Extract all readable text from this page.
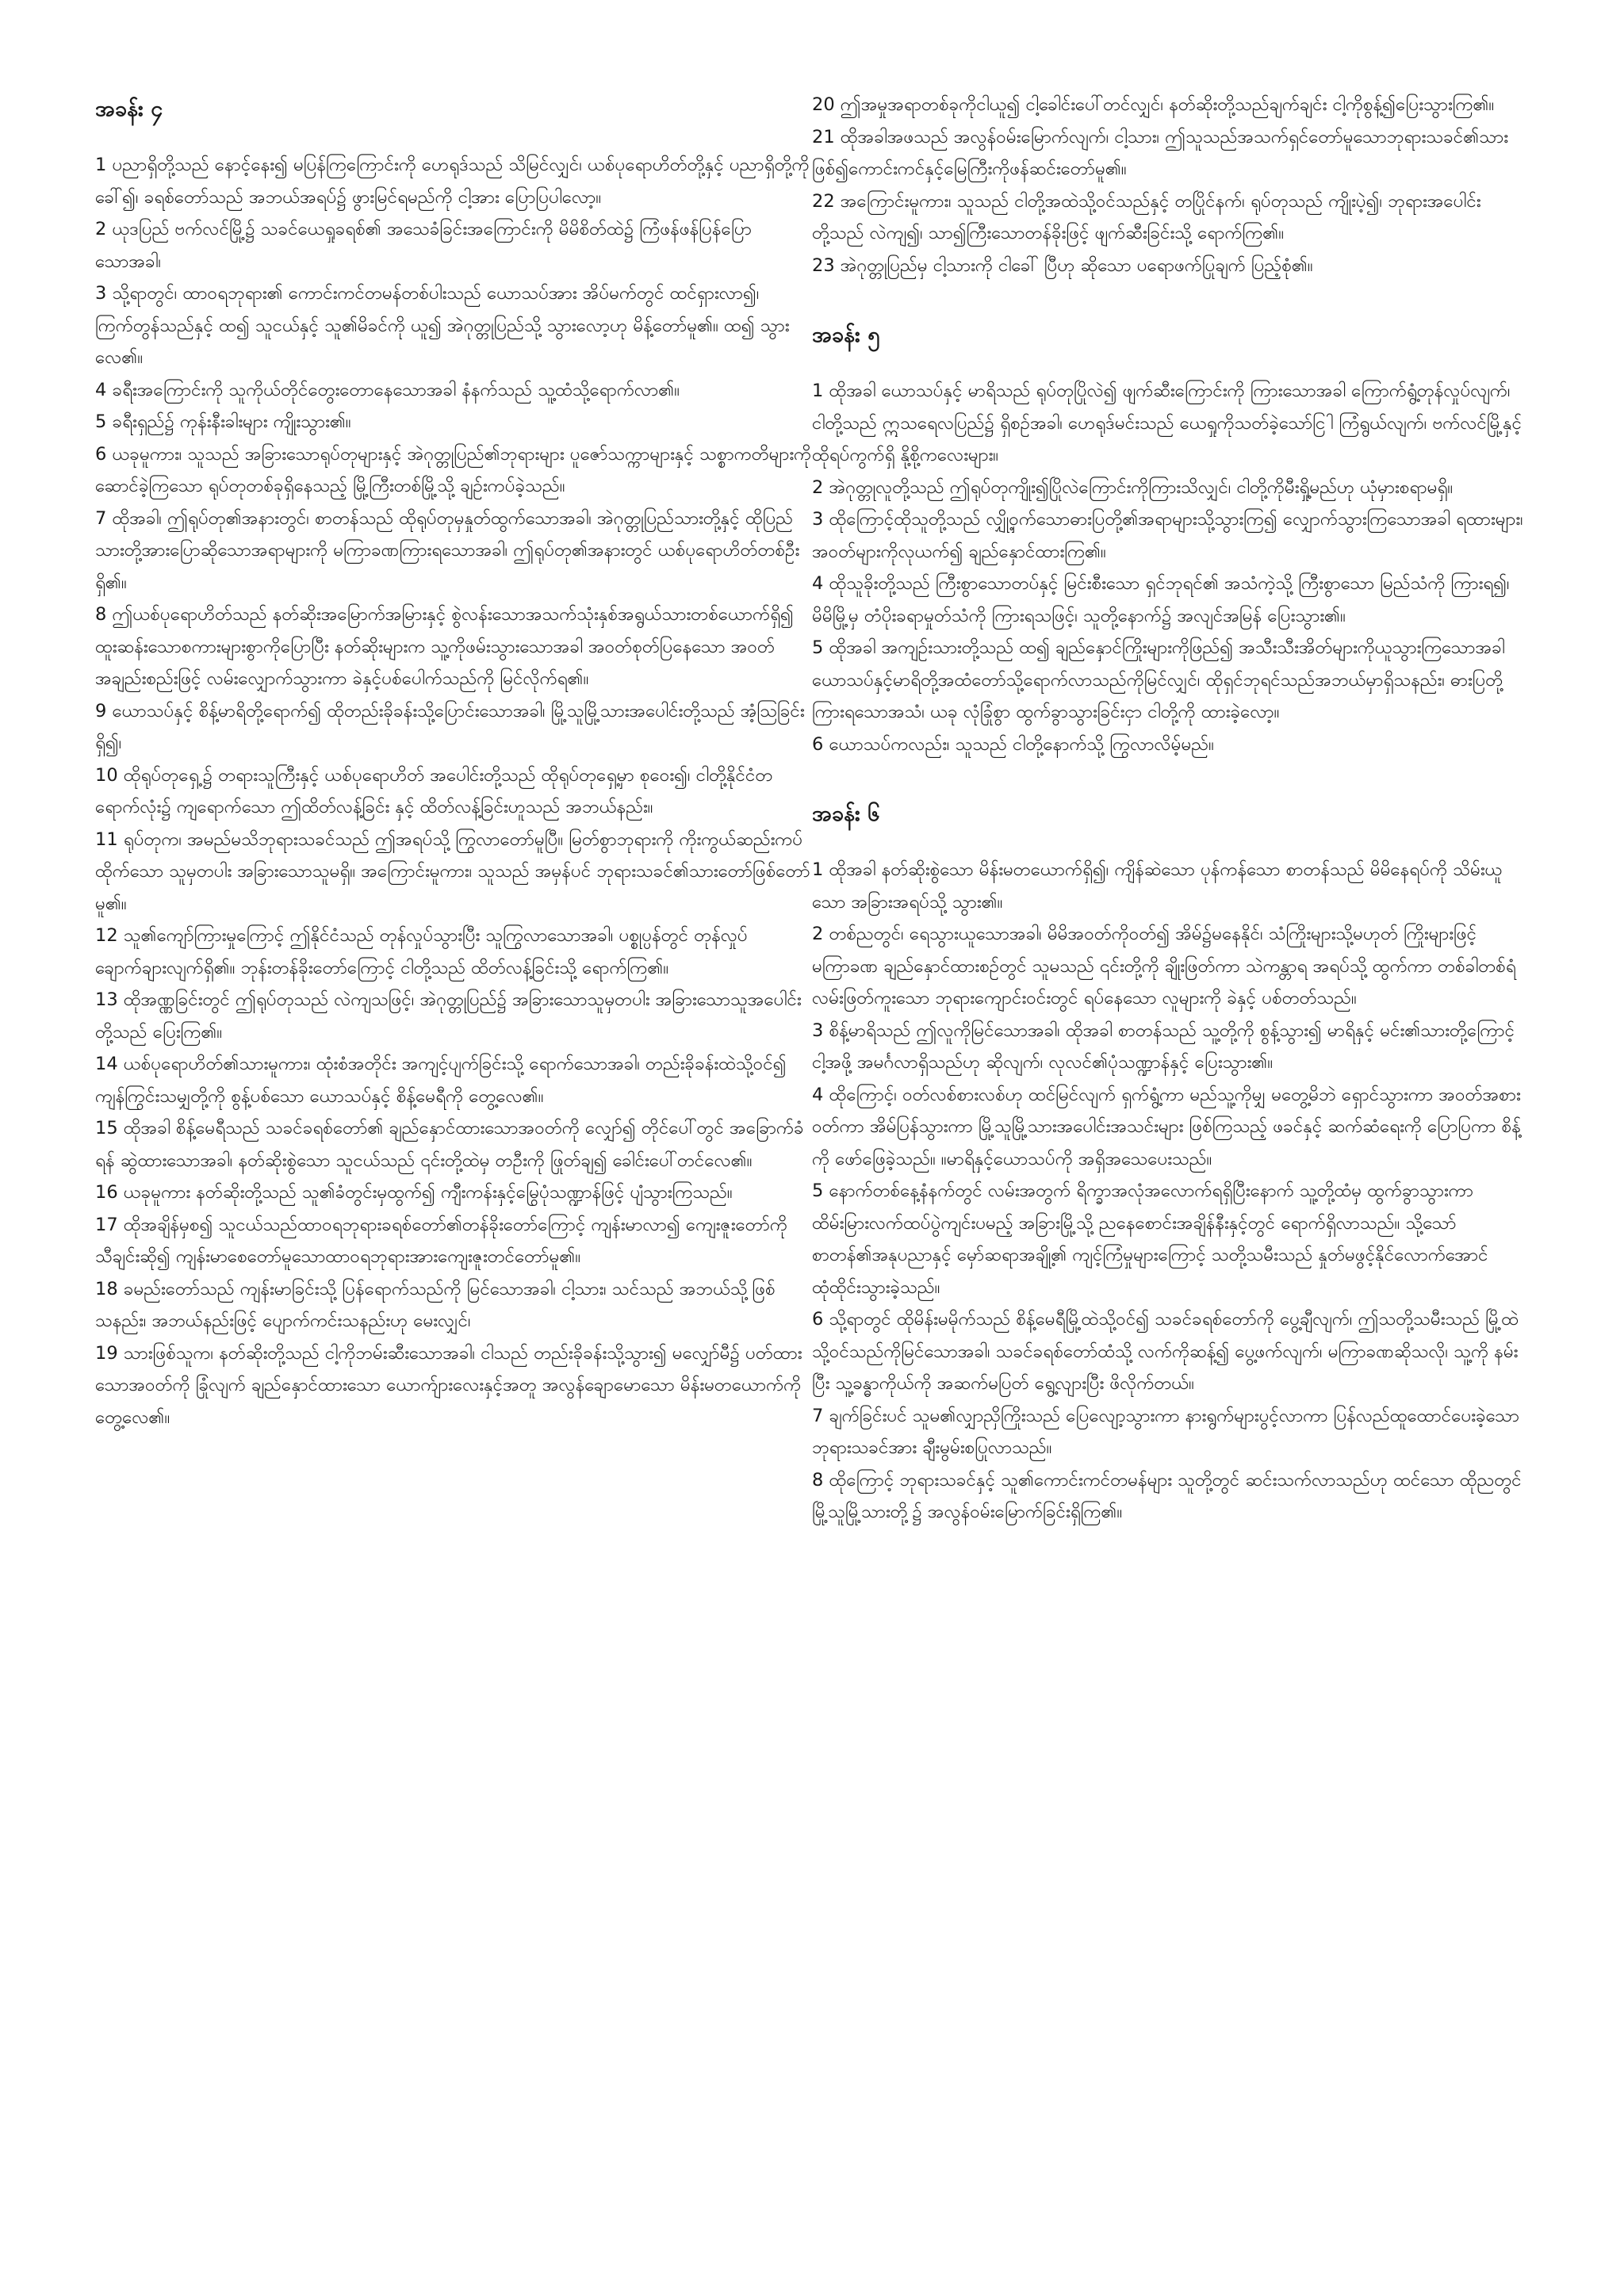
အခန်း ၄

1 ပညာရှိတို့သည် နောင့်နေး၍ မပြန်ကြကြောင်းကို ဟေရုဒ်သည် သိမြင်လျှင်၊ ယစ်ပုရောဟိတ်တို့နှင့် ပညာရှိတို့ကို ခေါ်၍၊ ခရစ်တော်သည် အဘယ်အရပ်၌ ဖွားမြင်ရမည်ကို ငါ့အား ပြောပြပါလော့။

2 ယုဒပြည် ဗက်လင်မြို့၌ သခင်ယေရှုခရစ်၏ အသေခံခြင်းအကြောင်းကို မိမိစိတ်ထဲ၌ ကြံဖန်ဖန်ပြန်ပြောသောအခါ၊

3 သို့ရာတွင်၊ ထာဝရဘုရား၏ ကောင်းကင်တမန်တစ်ပါးသည် ယောသပ်အား အိပ်မက်တွင် ထင်ရှားလာ၍၊ ကြက်တွန်သည်နှင့် ထ၍ သူငယ်နှင့် သူ၏မိခင်ကို ယူ၍ အဲဂုတ္တုပြည်သို့ သွားလော့ဟု မိန့်တော်မူ၏။ ထ၍ သွားလေ၏။

4 ခရီးအကြောင်းကို သူကိုယ်တိုင်တွေးတောနေသောအခါ နံနက်သည် သူ့ထံသို့ရောက်လာ၏။

5 ခရီးရှည်၌ ကုန်းနီးခါးများ ကျိုးသွား၏။

6 ယခုမူကား၊ သူသည် အခြားသောရုပ်တုများနှင့် အဲဂုတ္တုပြည်၏ဘုရားများ ပူဇော်သက္ကာများနှင့် သစ္စာကတိများကို ဆောင်ခဲ့ကြသော ရုပ်တုတစ်ခုရှိနေသည့် မြို့ကြီးတစ်မြို့သို့ ချဉ်းကပ်ခဲ့သည်။

7 ထိုအခါ၊ ဤရုပ်တု၏အနားတွင်၊ စာတန်သည် ထိုရုပ်တုမှနှုတ်ထွက်သောအခါ၊ အဲဂုတ္တုပြည်သားတို့နှင့် ထိုပြည်သားတို့အားပြောဆိုသောအရာများကို မကြာခဏကြားရသောအခါ၊ ဤရုပ်တု၏အနားတွင် ယစ်ပုရောဟိတ်တစ်ဦးရှိ၏။

8 ဤယစ်ပုရောဟိတ်သည် နတ်ဆိုးအမြောက်အမြားနှင့် စွဲလန်းသောအသက်သုံးနှစ်အရွယ်သားတစ်ယောက်ရှိ၍ ထူးဆန်းသောစကားများစွာကိုပြောပြီး နတ်ဆိုးများက သူ့ကိုဖမ်းသွားသောအခါ အဝတ်စုတ်ပြနေသော အဝတ်အချည်းစည်းဖြင့် လမ်းလျှောက်သွားကာ ခဲနှင့်ပစ်ပေါက်သည်ကို မြင်လိုက်ရ၏။

9 ယောသပ်နှင့် စိန့်မာရိတို့ရောက်၍ ထိုတည်းခိုခန်းသို့ပြောင်းသောအခါ၊ မြို့သူမြို့သားအပေါင်းတို့သည် အံ့သြခြင်းရှိ၍၊

10 ထိုရုပ်တုရှေ့၌ တရားသူကြီးနှင့် ယစ်ပုရောဟိတ် အပေါင်းတို့သည် ထိုရုပ်တုရှေ့မှာ စုဝေး၍၊ ငါတို့နိုင်ငံတရောက်လုံး၌ ကျရောက်သော ဤထိတ်လန့်ခြင်း နှင့် ထိတ်လန့်ခြင်းဟူသည် အဘယ်နည်း။

11 ရုပ်တုက၊ အမည်မသိဘုရားသခင်သည် ဤအရပ်သို့ ကြွလာတော်မူပြီ။ မြတ်စွာဘုရားကို ကိုးကွယ်ဆည်းကပ်ထိုက်သော သူမှတပါး အခြားသောသူမရှိ။ အကြောင်းမူကား၊ သူသည် အမှန်ပင် ဘုရားသခင်၏သားတော်ဖြစ်တော်မူ၏။

12 သူ၏ကျော်ကြားမှုကြောင့် ဤနိုင်ငံသည် တုန်လှုပ်သွားပြီး သူကြွလာသောအခါ၊ ပစ္စုပ္ပန်တွင် တုန်လှုပ်ချောက်ချားလျက်ရှိ၏။ ဘုန်းတန်ခိုးတော်ကြောင့် ငါတို့သည် ထိတ်လန့်ခြင်းသို့ ရောက်ကြ၏။

13 ထိုအဏ္ဏခြင်းတွင် ဤရုပ်တုသည် လဲကျသဖြင့်၊ အဲဂုတ္တုပြည်၌ အခြားသောသူမှတပါး အခြားသောသူအပေါင်းတို့သည် ပြေးကြ၏။

14 ယစ်ပုရောဟိတ်၏သားမူကား၊ ထုံးစံအတိုင်း အကျင့်ပျက်ခြင်းသို့ ရောက်သောအခါ၊ တည်းခိုခန်းထဲသို့ဝင်၍ ကျန်ကြွင်းသမျှတို့ကို စွန့်ပစ်သော ယောသပ်နှင့် စိန့်မေရီကို တွေ့လေ၏။

15 ထိုအခါ စိန့်မေရီသည် သခင်ခရစ်တော်၏ ချည်နှောင်ထားသောအဝတ်ကို လျှော်၍ တိုင်ပေါ်တွင် အခြောက်ခံရန် ဆွဲထားသောအခါ၊ နတ်ဆိုးစွဲသော သူငယ်သည် ၎င်းတို့ထဲမှ တဦးကို ဖြုတ်ချ၍ ခေါင်းပေါ်တင်လေ၏။

16 ယခုမူကား နတ်ဆိုးတို့သည် သူ၏ခံတွင်းမှထွက်၍ ကျီးကန်းနှင့်မြွေပုံသဏ္ဍာန်ဖြင့် ပျံသွားကြသည်။

17 ထိုအချိန်မှစ၍ သူငယ်သည်ထာဝရဘုရားခရစ်တော်၏တန်ခိုးတော်ကြောင့် ကျန်းမာလာ၍ ကျေးဇူးတော်ကိုသီချင်းဆို၍ ကျန်းမာစေတော်မူသောထာဝရဘုရားအားကျေးဇူးတင်တော်မူ၏။

18 ခမည်းတော်သည် ကျန်းမာခြင်းသို့ ပြန်ရောက်သည်ကို မြင်သောအခါ၊ ငါ့သား၊ သင်သည် အဘယ်သို့ဖြစ်သနည်း၊ အဘယ်နည်းဖြင့် ပျောက်ကင်းသနည်းဟု မေးလျှင်၊

19 သားဖြစ်သူက၊ နတ်ဆိုးတို့သည် ငါ့ကိုဘမ်းဆီးသောအခါ၊ ငါသည် တည်းခိုခန်းသို့သွား၍ မလျှော်မီ၌ ပတ်ထားသောအဝတ်ကို ခြုံလျက် ချည်နှောင်ထားသော ယောက်ျားလေးနှင့်အတူ အလွန်ချောမောသော မိန်းမတယောက်ကို တွေ့လေ၏။

20 ဤအမှုအရာတစ်ခုကိုငါယူ၍ ငါ့ခေါင်းပေါ်တင်လျှင်၊ နတ်ဆိုးတို့သည်ချက်ချင်း ငါ့ကိုစွန့်၍ပြေးသွားကြ၏။

21 ထိုအခါအဖသည် အလွန်ဝမ်းမြောက်လျက်၊ ငါ့သား၊ ဤသူသည်အသက်ရှင်တော်မူသောဘုရားသခင်၏သားဖြစ်၍ကောင်းကင်နှင့်မြေကြီးကိုဖန်ဆင်းတော်မူ၏။

22 အကြောင်းမူကား၊ သူသည် ငါတို့အထဲသို့ဝင်သည်နှင့် တပြိုင်နက်၊ ရုပ်တုသည် ကျိုးပဲ့၍၊ ဘုရားအပေါင်းတို့သည် လဲကျ၍၊ သာ၍ကြီးသောတန်ခိုးဖြင့် ဖျက်ဆီးခြင်းသို့ ရောက်ကြ၏။

23 အဲဂုတ္တုပြည်မှ ငါ့သားကို ငါခေါ် ပြီဟု ဆိုသော ပရောဖက်ပြုချက် ပြည့်စုံ၏။

အခန်း ၅

1 ထိုအခါ ယောသပ်နှင့် မာရိသည် ရုပ်တုပြိုလဲ၍ ဖျက်ဆီးကြောင်းကို ကြားသောအခါ ကြောက်ရွံ့တုန်လှုပ်လျက်၊ ငါတို့သည် ဣသရေလပြည်၌ ရှိစဉ်အခါ၊ ဟေရုဒ်မင်းသည် ယေရှုကိုသတ်ခဲ့သော်ငြါ ကြံရွယ်လျက်၊ ဗက်လင်မြို့နှင့် ထိုရပ်ကွက်ရှိ နို့စို့ကလေးများ။

2 အဲဂုတ္တုလူတို့သည် ဤရုပ်တုကျိုး၍ပြိုလဲကြောင်းကိုကြားသိလျှင်၊ ငါတို့ကိုမီးရှို့မည်ဟု ယုံမှားစရာမရှိ။

3 ထိုကြောင့်ထိုသူတို့သည် လျှို့ဝှက်သောဓားပြတို့၏အရာများသို့သွားကြ၍ လျှောက်သွားကြသောအခါ ရထားများ၊ အဝတ်များကိုလုယက်၍ ချည်နှောင်ထားကြ၏။

4 ထိုသူခိုးတို့သည် ကြီးစွာသောတပ်နှင့် မြင်းစီးသော ရှင်ဘုရင်၏ အသံကဲ့သို့ ကြီးစွာသော မြည်သံကို ကြားရ၍၊ မိမိမြို့မှ တံပိုးခရာမှုတ်သံကို ကြားရသဖြင့်၊ သူတို့နောက်၌ အလျင်အမြန် ပြေးသွား၏။

5 ထိုအခါ အကျဉ်းသားတို့သည် ထ၍ ချည်နှောင်ကြိုးများကိုဖြည်၍ အသီးသီးအိတ်များကိုယူသွားကြသောအခါ ယောသပ်နှင့်မာရိတို့အထံတော်သို့ရောက်လာသည်ကိုမြင်လျှင်၊ ထိုရှင်ဘုရင်သည်အဘယ်မှာရှိသနည်း၊ ဓားပြတို့ကြားရသောအသံ၊ ယခု လုံခြုံစွာ ထွက်ခွာသွားခြင်းငှာ ငါတို့ကို ထားခဲ့လော့။

6 ယောသပ်ကလည်း၊ သူသည် ငါတို့နောက်သို့ ကြွလာလိမ့်မည်။

အခန်း ၆

1 ထိုအခါ နတ်ဆိုးစွဲသော မိန်းမတယောက်ရှိ၍၊ ကျိန်ဆဲသော ပုန်ကန်သော စာတန်သည် မိမိနေရပ်ကို သိမ်းယူသော အခြားအရပ်သို့ သွား၏။

2 တစ်ညတွင်၊ ရေသွားယူသောအခါ၊ မိမိအဝတ်ကိုဝတ်၍ အိမ်၌မနေနိုင်၊ သံကြိုးများသို့မဟုတ် ကြိုးများဖြင့် မကြာခဏ ချည်နှောင်ထားစဉ်တွင် သူမသည် ၎င်းတို့ကို ချိုးဖြတ်ကာ သဲကန္တာရ အရပ်သို့ ထွက်ကာ တစ်ခါတစ်ရံ လမ်းဖြတ်ကူးသော ဘုရားကျောင်းဝင်းတွင် ရပ်နေသော လူများကို ခဲနှင့် ပစ်တတ်သည်။

3 စိန့်မာရိသည် ဤလူကိုမြင်သောအခါ၊ ထိုအခါ စာတန်သည် သူ့တို့ကို စွန့်သွား၍ မာရိနှင့် မင်း၏သားတို့ကြောင့် ငါ့အဖို့ အမင်္ဂလာရှိသည်ဟု ဆိုလျက်၊ လုလင်၏ပုံသဏ္ဍာန်နှင့် ပြေးသွား၏။

4 ထိုကြောင့်၊ ဝတ်လစ်စားလစ်ဟု ထင်မြင်လျက် ရှက်ရွံ့ကာ မည်သူ့ကိုမျှ မတွေ့မိဘဲ ရှောင်သွားကာ အဝတ်အစားဝတ်ကာ အိမ်ပြန်သွားကာ မြို့သူမြို့သားအပေါင်းအသင်းများ ဖြစ်ကြသည့် ဖခင်နှင့် ဆက်ဆံရေးကို ပြောပြကာ စိန့်ကို ဖော်ဖြေခဲ့သည်။ ။မာရိနှင့်ယောသပ်ကို အရှိအသေပေးသည်။

5 နောက်တစ်နေ့နံနက်တွင် လမ်းအတွက် ရိက္ခာအလုံအလောက်ရရှိပြီးနောက် သူ့တို့ထံမှ ထွက်ခွာသွားကာ ထိမ်းမြားလက်ထပ်ပွဲကျင်းပမည့် အခြားမြို့သို့ ညနေစောင်းအချိန်နီးနှင့်တွင် ရောက်ရှိလာသည်။ သို့သော် စာတန်၏အနုပညာနှင့် မှော်ဆရာအချို့၏ ကျင့်ကြံမှုများကြောင့် သတို့သမီးသည် နှုတ်မဖွင့်နိုင်လောက်အောင် ထုံထိုင်းသွားခဲ့သည်။

6 သို့ရာတွင် ထိုမိန်းမမိုက်သည် စိန့်မေရီမြို့ထဲသို့ဝင်၍ သခင်ခရစ်တော်ကို ပွေ့ချီလျက်၊ ဤသတို့သမီးသည် မြို့ထဲသို့ဝင်သည်ကိုမြင်သောအခါ၊ သခင်ခရစ်တော်ထံသို့ လက်ကိုဆန့်၍ ပွေ့ဖက်လျက်၊ မကြာခဏဆိုသလို၊ သူ့ကို နမ်းပြီး သူ့ခန္ဓာကိုယ်ကို အဆက်မပြတ် ရွေ့လျားပြီး ဖိလိုက်တယ်။

7 ချက်ခြင်းပင် သူမ၏လျှာညှိကြိုးသည် ပြေလျော့သွားကာ နားရွက်များပွင့်လာကာ ပြန်လည်ထူထောင်ပေးခဲ့သော ဘုရားသခင်အား ချီးမွမ်းစပြုလာသည်။

8 ထိုကြောင့် ဘုရားသခင်နှင့် သူ၏ကောင်းကင်တမန်များ သူတို့တွင် ဆင်းသက်လာသည်ဟု ထင်သော ထိုညတွင် မြို့သူမြို့သားတို့၌ အလွန်ဝမ်းမြောက်ခြင်းရှိကြ၏။
